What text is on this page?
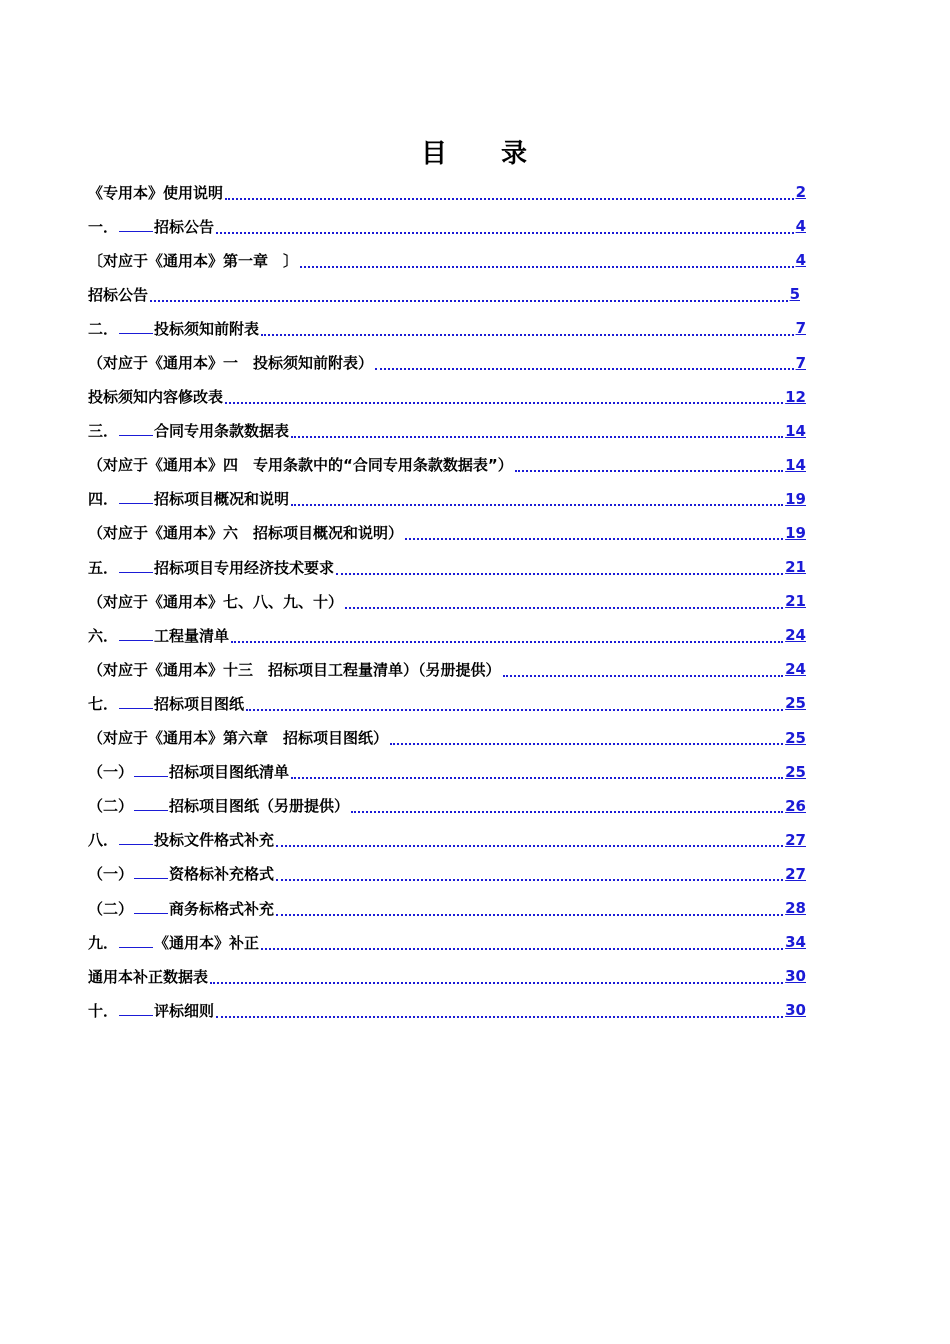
目 录
《专用本》使用说明	2
一． 招标公告	4
〔对应于《通用本》第一章　〕	4
招标公告	5
二． 投标须知前附表	7
（对应于《通用本》一　投标须知前附表）	7
投标须知内容修改表	12
三． 合同专用条款数据表	14
（对应于《通用本》四　专用条款中的“合同专用条款数据表”）	14
四． 招标项目概况和说明	19
（对应于《通用本》六　招标项目概况和说明）	19
五． 招标项目专用经济技术要求	21
（对应于《通用本》七、八、九、十）	21
六． 工程量清单	24
（对应于《通用本》十三　招标项目工程量清单）（另册提供）	24
七． 招标项目图纸	25
（对应于《通用本》第六章　招标项目图纸）	25
（一） 招标项目图纸清单	25
（二） 招标项目图纸（另册提供）	26
八． 投标文件格式补充	27
（一） 资格标补充格式	27
（二） 商务标格式补充	28
九． 《通用本》补正	34
通用本补正数据表	30
十． 评标细则	30
